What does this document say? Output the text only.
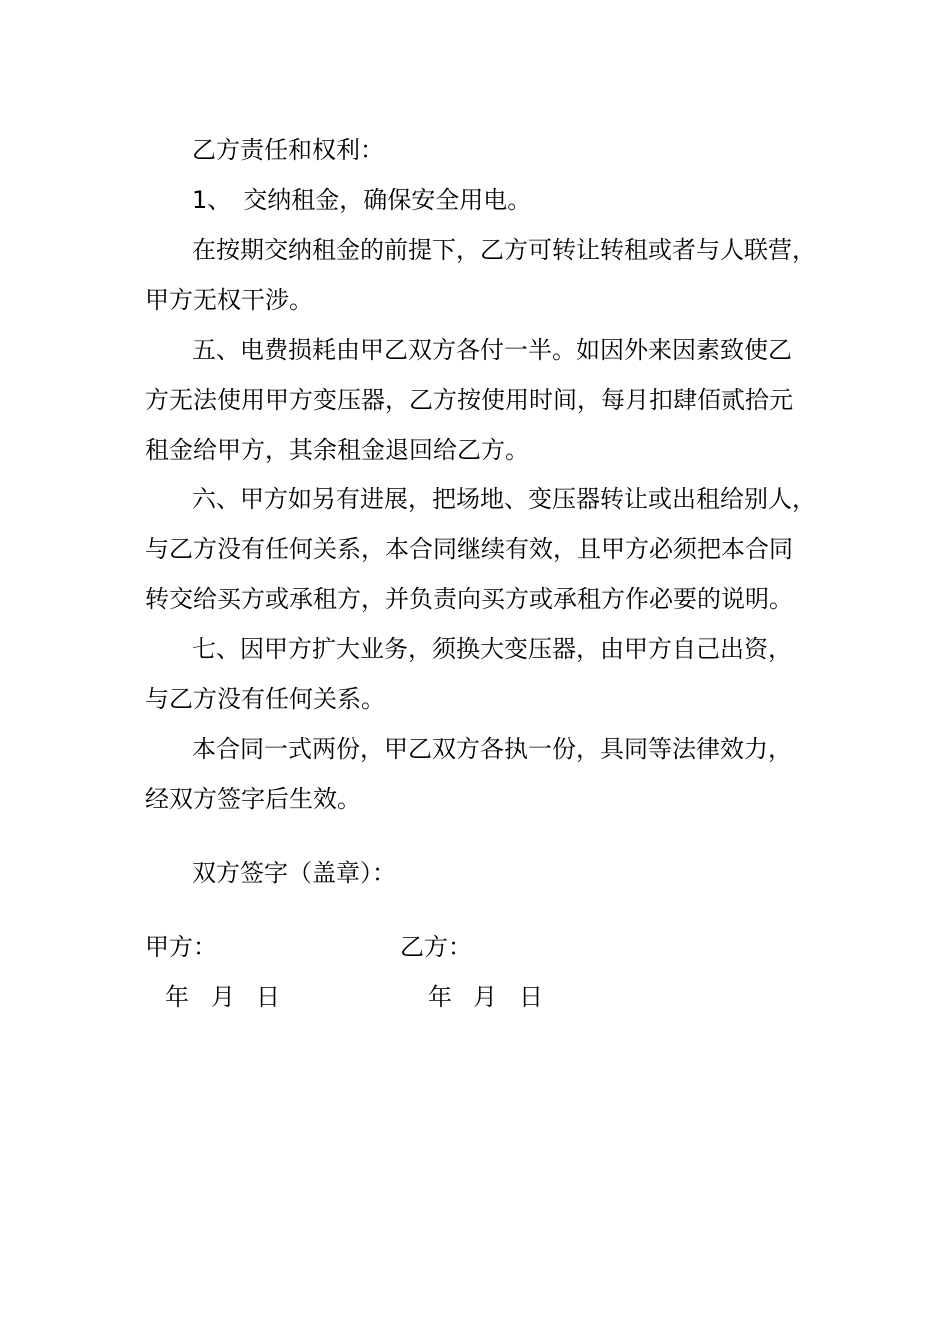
乙方责任和权利：
1、　交纳租金，确保安全用电。
在按期交纳租金的前提下，乙方可转让转租或者与人联营，
甲方无权干涉。
五、电费损耗由甲乙双方各付一半。如因外来因素致使乙
方无法使用甲方变压器，乙方按使用时间，每月扣肆佰贰拾元
租金给甲方，其余租金退回给乙方。
六、甲方如另有进展，把场地、变压器转让或出租给别人，
与乙方没有任何关系，本合同继续有效，且甲方必须把本合同
转交给买方或承租方，并负责向买方或承租方作必要的说明。
七、因甲方扩大业务，须换大变压器，由甲方自己出资，
与乙方没有任何关系。
本合同一式两份，甲乙双方各执一份，具同等法律效力，
经双方签字后生效。
双方签字（盖章）：
甲方：	乙方：
年 月 日	年 月 日
